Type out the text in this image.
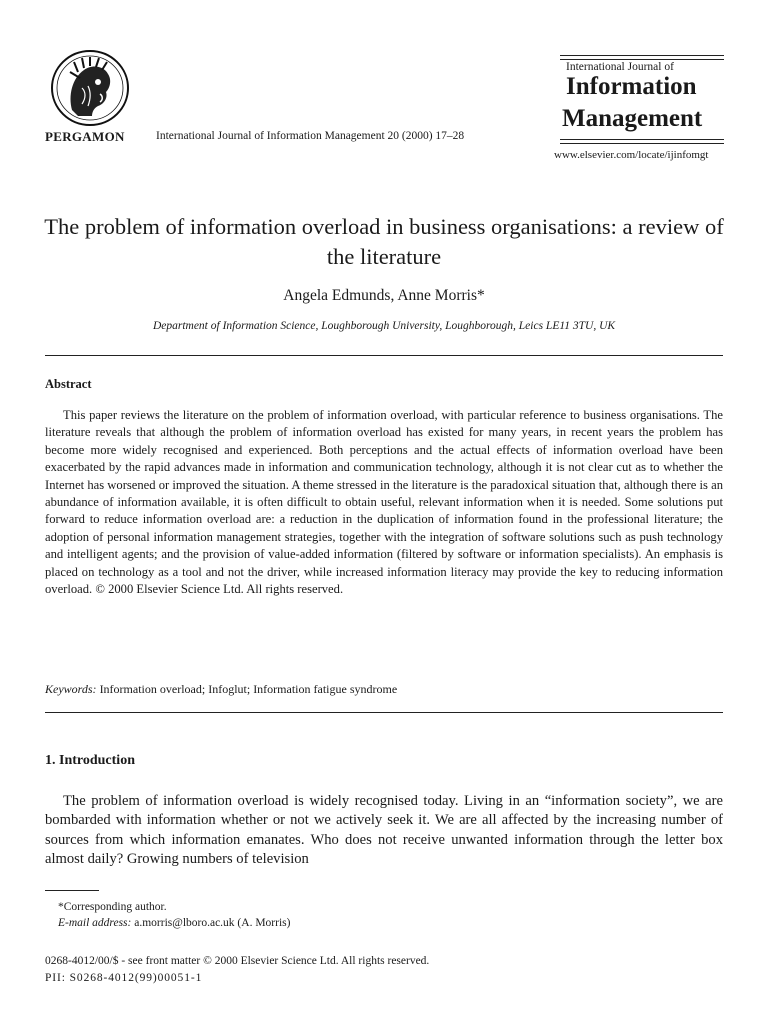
PERGAMON	International Journal of Information Management 20 (2000) 17–28
International Journal of
Information
Management
www.elsevier.com/locate/ijinfomgt
The problem of information overload in business organisations: a review of the literature
Angela Edmunds, Anne Morris*
Department of Information Science, Loughborough University, Loughborough, Leics LE11 3TU, UK
Abstract
This paper reviews the literature on the problem of information overload, with particular reference to business organisations. The literature reveals that although the problem of information overload has existed for many years, in recent years the problem has become more widely recognised and experienced. Both perceptions and the actual effects of information overload have been exacerbated by the rapid advances made in information and communication technology, although it is not clear cut as to whether the Internet has worsened or improved the situation. A theme stressed in the literature is the paradoxical situation that, although there is an abundance of information available, it is often difficult to obtain useful, relevant information when it is needed. Some solutions put forward to reduce information overload are: a reduction in the duplication of information found in the professional literature; the adoption of personal information management strategies, together with the integration of software solutions such as push technology and intelligent agents; and the provision of value-added information (filtered by software or information specialists). An emphasis is placed on technology as a tool and not the driver, while increased information literacy may provide the key to reducing information overload. © 2000 Elsevier Science Ltd. All rights reserved.
Keywords: Information overload; Infoglut; Information fatigue syndrome
1. Introduction
The problem of information overload is widely recognised today. Living in an “information society”, we are bombarded with information whether or not we actively seek it. We are all affected by the increasing number of sources from which information emanates. Who does not receive unwanted information through the letter box almost daily? Growing numbers of television
*Corresponding author.
E-mail address: a.morris@lboro.ac.uk (A. Morris)
0268-4012/00/$ - see front matter © 2000 Elsevier Science Ltd. All rights reserved.
PII: S0268-4012(99)00051-1
